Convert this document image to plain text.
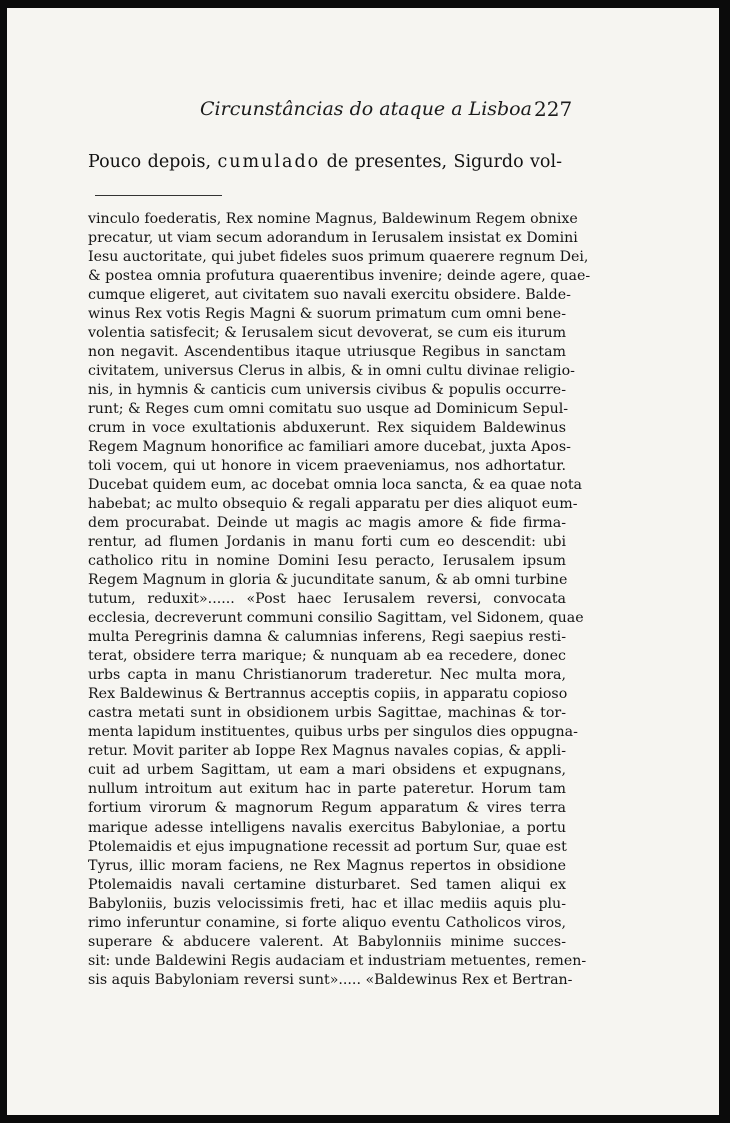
Circunstâncias do ataque a Lisboa 227
Pouco depois, cumulado de presentes, Sigurdo vol-
vinculo foederatis, Rex nomine Magnus, Baldewinum Regem obnixe
precatur, ut viam secum adorandum in Ierusalem insistat ex Domini
Iesu auctoritate, qui jubet fideles suos primum quaerere regnum Dei,
& postea omnia profutura quaerentibus invenire; deinde agere, quae-
cumque eligeret, aut civitatem suo navali exercitu obsidere. Balde-
winus Rex votis Regis Magni & suorum primatum cum omni bene-
volentia satisfecit; & Ierusalem sicut devoverat, se cum eis iturum
non negavit. Ascendentibus itaque utriusque Regibus in sanctam
civitatem, universus Clerus in albis, & in omni cultu divinae religio-
nis, in hymnis & canticis cum universis civibus & populis occurre-
runt; & Reges cum omni comitatu suo usque ad Dominicum Sepul-
crum in voce exultationis abduxerunt. Rex siquidem Baldewinus
Regem Magnum honorifice ac familiari amore ducebat, juxta Apos-
toli vocem, qui ut honore in vicem praeveniamus, nos adhortatur.
Ducebat quidem eum, ac docebat omnia loca sancta, & ea quae nota
habebat; ac multo obsequio & regali apparatu per dies aliquot eum-
dem procurabat. Deinde ut magis ac magis amore & fide firma-
rentur, ad flumen Jordanis in manu forti cum eo descendit: ubi
catholico ritu in nomine Domini Iesu peracto, Ierusalem ipsum
Regem Magnum in gloria & jucunditate sanum, & ab omni turbine
tutum, reduxit»...... «Post haec Ierusalem reversi, convocata
ecclesia, decreverunt communi consilio Sagittam, vel Sidonem, quae
multa Peregrinis damna & calumnias inferens, Regi saepius resti-
terat, obsidere terra marique; & nunquam ab ea recedere, donec
urbs capta in manu Christianorum traderetur. Nec multa mora,
Rex Baldewinus & Bertrannus acceptis copiis, in apparatu copioso
castra metati sunt in obsidionem urbis Sagittae, machinas & tor-
menta lapidum instituentes, quibus urbs per singulos dies oppugna-
retur. Movit pariter ab Ioppe Rex Magnus navales copias, & appli-
cuit ad urbem Sagittam, ut eam a mari obsidens et expugnans,
nullum introitum aut exitum hac in parte pateretur. Horum tam
fortium virorum & magnorum Regum apparatum & vires terra
marique adesse intelligens navalis exercitus Babyloniae, a portu
Ptolemaidis et ejus impugnatione recessit ad portum Sur, quae est
Tyrus, illic moram faciens, ne Rex Magnus repertos in obsidione
Ptolemaidis navali certamine disturbaret. Sed tamen aliqui ex
Babyloniis, buzis velocissimis freti, hac et illac mediis aquis plu-
rimo inferuntur conamine, si forte aliquo eventu Catholicos viros,
superare & abducere valerent. At Babylonniis minime succes-
sit: unde Baldewini Regis audaciam et industriam metuentes, remen-
sis aquis Babyloniam reversi sunt»..... «Baldewinus Rex et Bertran-
